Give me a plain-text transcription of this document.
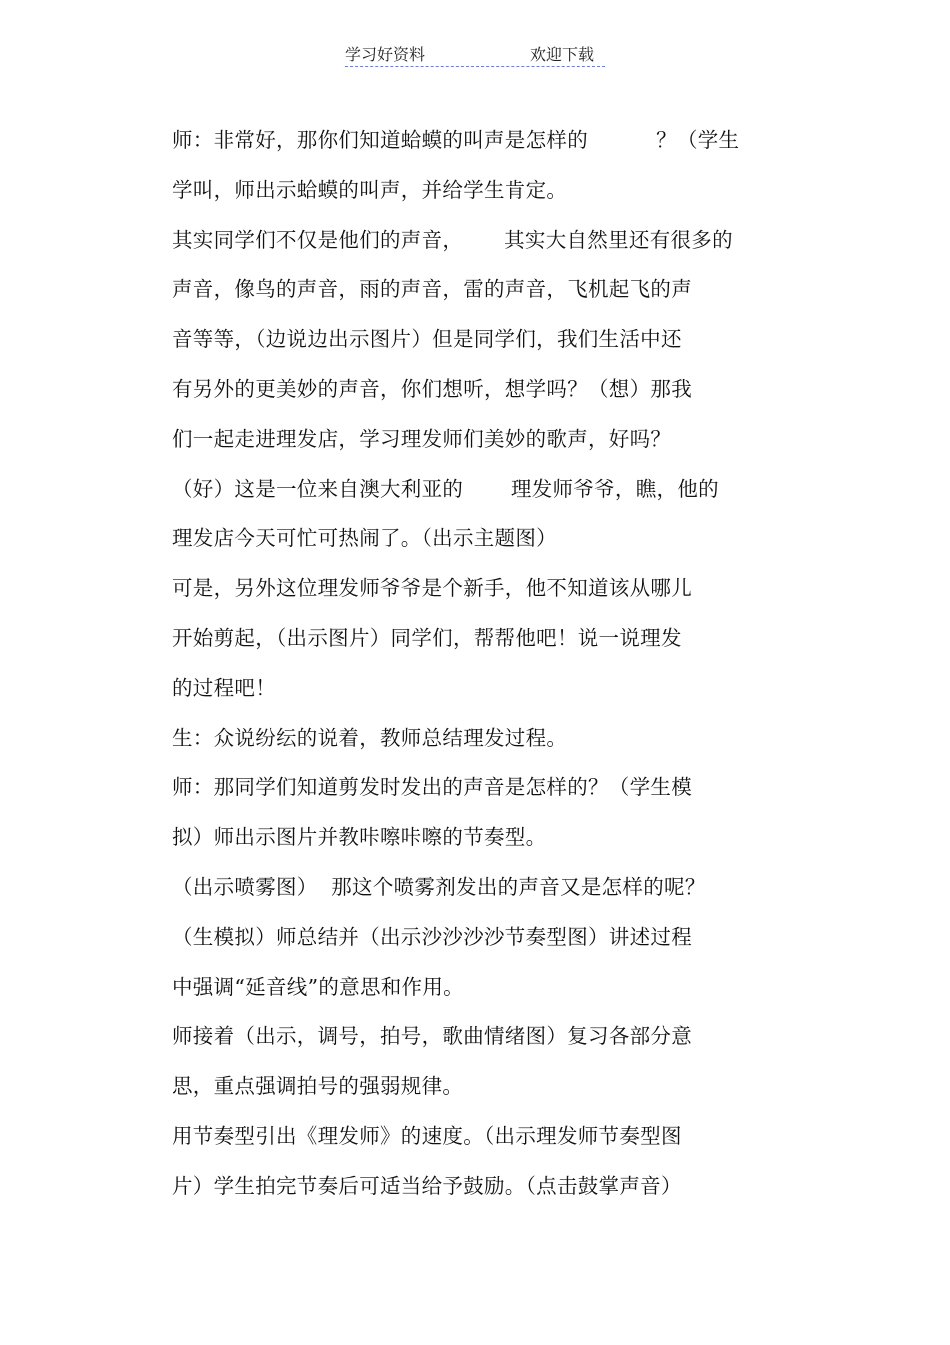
学习好资料	欢迎下载
师：非常好，那你们知道蛤蟆的叫声是怎样的          ？（学生
学叫，师出示蛤蟆的叫声，并给学生肯定。
其实同学们不仅是他们的声音，      其实大自然里还有很多的
声音，像鸟的声音，雨的声音，雷的声音，飞机起飞的声
音等等，（边说边出示图片）但是同学们，我们生活中还
有另外的更美妙的声音，你们想听，想学吗？（想）那我
们一起走进理发店，学习理发师们美妙的歌声，好吗？
（好）这是一位来自澳大利亚的       理发师爷爷，瞧，他的
理发店今天可忙可热闹了。（出示主题图）
可是，另外这位理发师爷爷是个新手，他不知道该从哪儿
开始剪起，（出示图片）同学们，帮帮他吧！说一说理发
的过程吧！
生：众说纷纭的说着，教师总结理发过程。
师：那同学们知道剪发时发出的声音是怎样的？（学生模
拟）师出示图片并教咔嚓咔嚓的节奏型。
（出示喷雾图）  那这个喷雾剂发出的声音又是怎样的呢？
（生模拟）师总结并（出示沙沙沙沙节奏型图）讲述过程
中强调“延音线”的意思和作用。
师接着（出示，调号，拍号，歌曲情绪图）复习各部分意
思，重点强调拍号的强弱规律。
用节奏型引出《理发师》的速度。（出示理发师节奏型图
片）学生拍完节奏后可适当给予鼓励。（点击鼓掌声音）
